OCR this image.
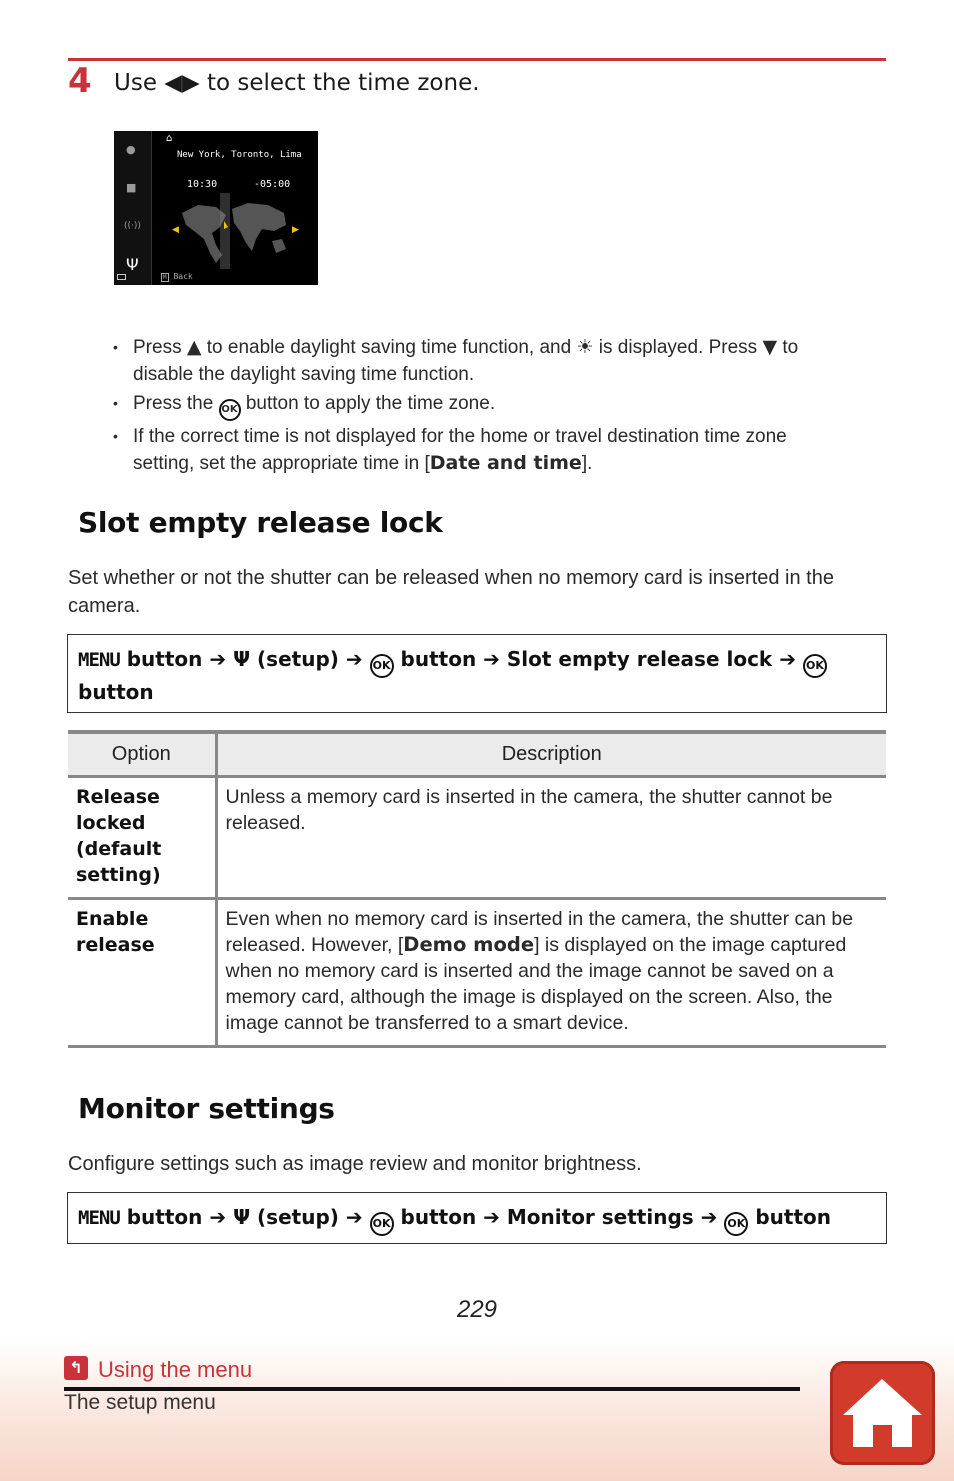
4 Use ◀▶ to select the time zone.
●
■
((·))
Ψ
⌂
New York, Toronto, Lima
10:30	-05:00
◀	▶
M Back
• Press ▲ to enable daylight saving time function, and ☀ is displayed. Press ▼ to disable the daylight saving time function.
• Press the OK button to apply the time zone.
• If the correct time is not displayed for the home or travel destination time zone setting, set the appropriate time in [Date and time].
Slot empty release lock
Set whether or not the shutter can be released when no memory card is inserted in the camera.
MENU button ➔ Ψ (setup) ➔ OK button ➔ Slot empty release lock ➔ OK button
Option	Description
Release locked (default setting)	Unless a memory card is inserted in the camera, the shutter cannot be released.
Enable release	Even when no memory card is inserted in the camera, the shutter can be released. However, [Demo mode] is displayed on the image captured when no memory card is inserted and the image cannot be saved on a memory card, although the image is displayed on the screen. Also, the image cannot be transferred to a smart device.
Monitor settings
Configure settings such as image review and monitor brightness.
MENU button ➔ Ψ (setup) ➔ OK button ➔ Monitor settings ➔ OK button
229
↰ Using the menu
The setup menu
